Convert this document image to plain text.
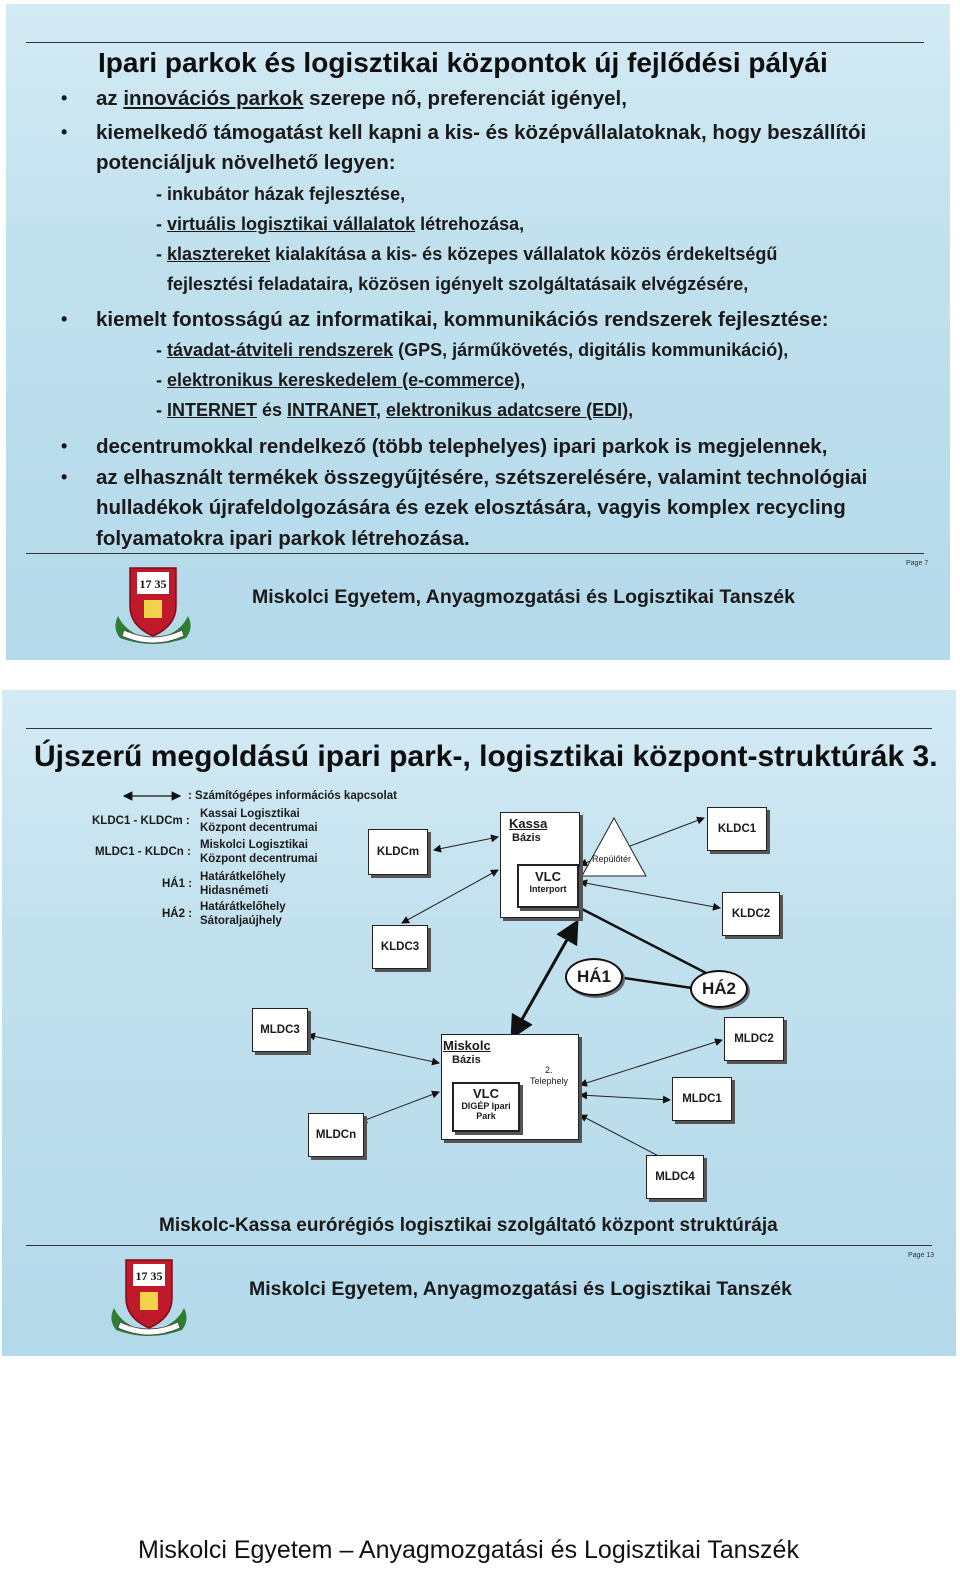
Ipari parkok és logisztikai központok új fejlődési pályái
• az innovációs parkok szerepe nő, preferenciát igényel,
• kiemelkedő támogatást kell kapni a kis- és középvállalatoknak, hogy beszállítói
potenciáljuk növelhető legyen:
- inkubátor házak fejlesztése,
- virtuális logisztikai vállalatok létrehozása,
- klasztereket kialakítása a kis- és közepes vállalatok közös érdekeltségű
fejlesztési feladataira, közösen igényelt szolgáltatásaik elvégzésére,
• kiemelt fontosságú az informatikai, kommunikációs rendszerek fejlesztése:
- távadat-átviteli rendszerek (GPS, járműkövetés, digitális kommunikáció),
- elektronikus kereskedelem (e-commerce),
- INTERNET és INTRANET, elektronikus adatcsere (EDI),
• decentrumokkal rendelkező (több telephelyes) ipari parkok is megjelennek,
• az elhasznált termékek összegyűjtésére, szétszerelésére, valamint technológiai
hulladékok újrafeldolgozására és ezek elosztására, vagyis komplex recycling
folyamatokra ipari parkok létrehozása.
Page 7
17 35
Miskolci Egyetem, Anyagmozgatási és Logisztikai Tanszék
Újszerű megoldású ipari park-, logisztikai központ-struktúrák 3.
: Számítógépes információs kapcsolat
KLDC1 - KLDCm :
Kassai Logisztikai
Központ decentrumai
MLDC1 - KLDCn :
Miskolci Logisztikai
Központ decentrumai
HÁ1 :
Határátkelőhely
Hidasnémeti
HÁ2 :
Határátkelőhely
Sátoraljaújhely
KLDCm
KLDC3
KLDC1
KLDC2
Kassa
Bázis
VLC
Interport
Repülőtér
HÁ1
HÁ2
MLDC3
MLDCn
MLDC2
MLDC1
MLDC4
Miskolc
Bázis
VLC
DIGÉP Ipari
Park
2.
Telephely
Miskolc-Kassa eurórégiós logisztikai szolgáltató központ struktúrája
Page 13
17 35
Miskolci Egyetem, Anyagmozgatási és Logisztikai Tanszék
Miskolci Egyetem – Anyagmozgatási és Logisztikai Tanszék
